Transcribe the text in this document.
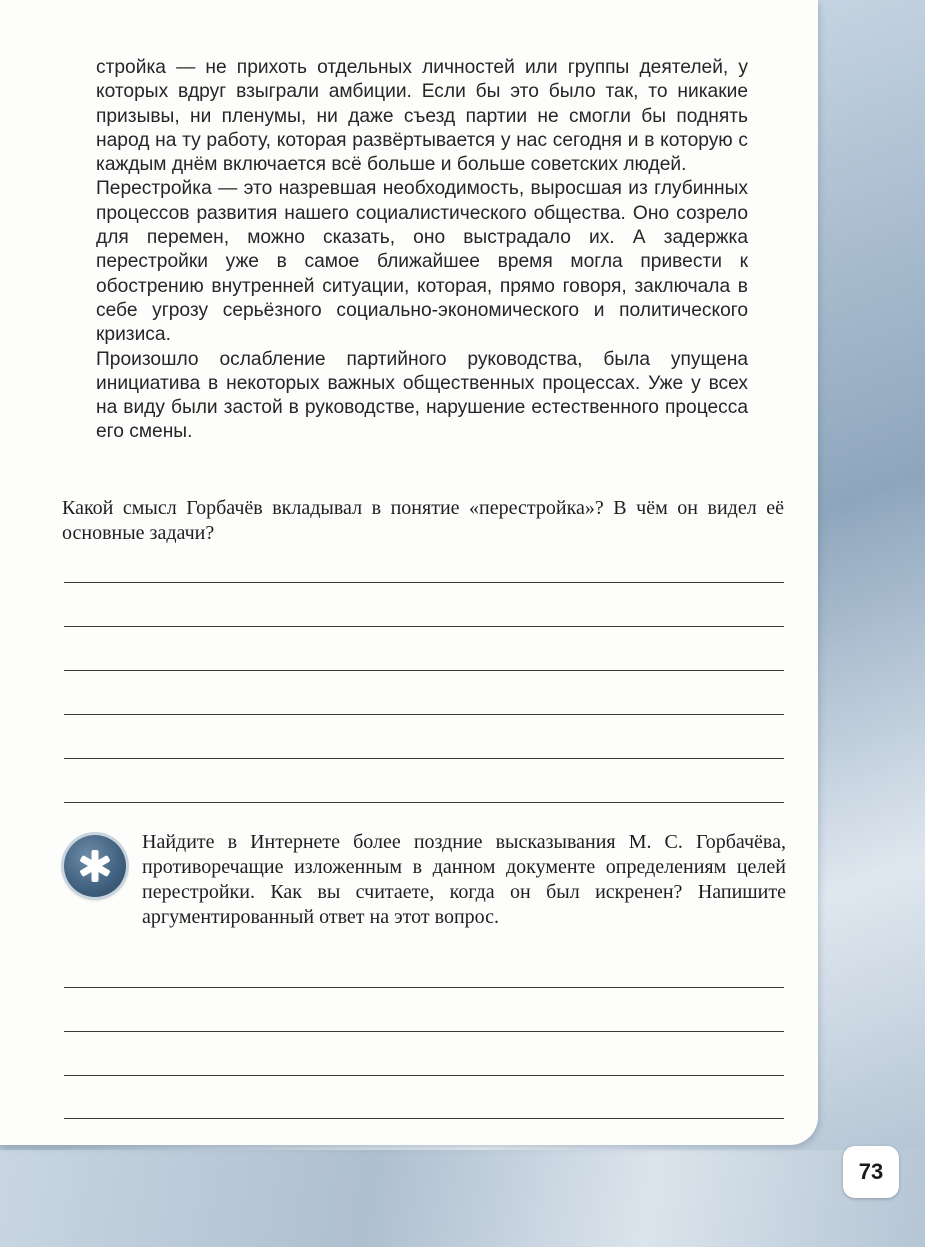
стройка — не прихоть отдельных личностей или группы деятелей, у которых вдруг взыграли амбиции. Если бы это было так, то никакие призывы, ни пленумы, ни даже съезд партии не смогли бы поднять народ на ту работу, которая развёртывается у нас сегодня и в которую с каждым днём включается всё больше и больше советских людей.

Перестройка — это назревшая необходимость, выросшая из глубинных процессов развития нашего социалистического общества. Оно созрело для перемен, можно сказать, оно выстрадало их. А задержка перестройки уже в самое ближайшее время могла привести к обострению внутренней ситуации, которая, прямо говоря, заключала в себе угрозу серьёзного социально-экономического и политического кризиса.

Произошло ослабление партийного руководства, была упущена инициатива в некоторых важных общественных процессах. Уже у всех на виду были застой в руководстве, нарушение естественного процесса его смены.

Какой смысл Горбачёв вкладывал в понятие «перестройка»? В чём он видел её основные задачи?
Найдите в Интернете более поздние высказывания М. С. Горбачёва, противоречащие изложенным в данном документе определениям целей перестройки. Как вы считаете, когда он был искренен? Напишите аргументированный ответ на этот вопрос.
73
